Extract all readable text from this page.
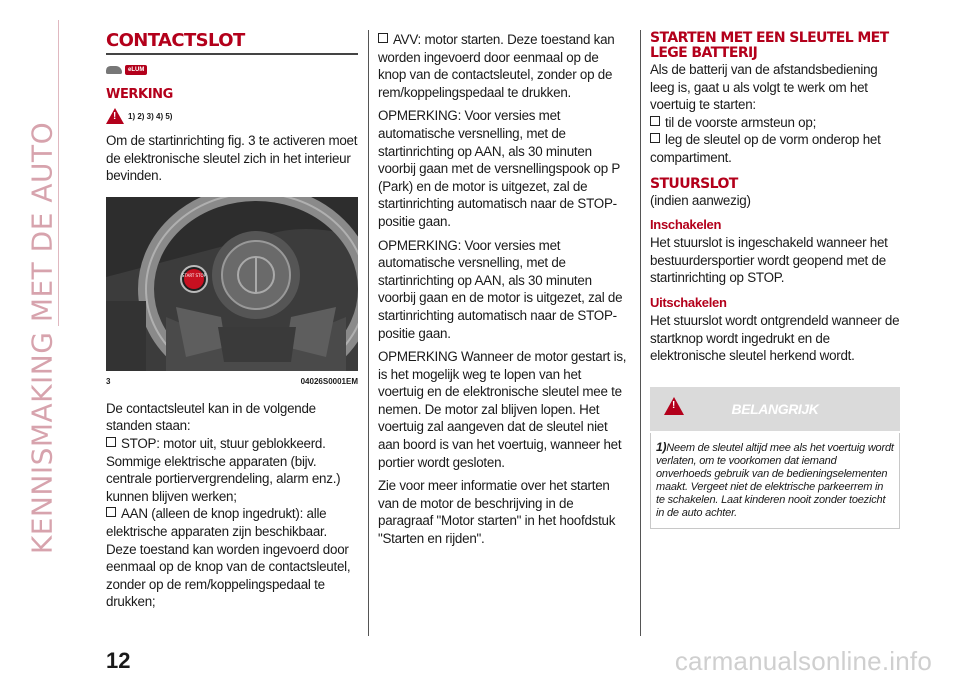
KENNISMAKING MET DE AUTO
CONTACTSLOT
eLUM
WERKING
! 1) 2) 3) 4) 5)

Om de startinrichting fig. 3 te activeren moet de elektronische sleutel zich in het interieur bevinden.

START STOP
3	04026S0001EM

De contactsleutel kan in de volgende standen staan:

STOP: motor uit, stuur geblokkeerd. Sommige elektrische apparaten (bijv. centrale portiervergrendeling, alarm enz.) kunnen blijven werken;
AAN (alleen de knop ingedrukt): alle elektrische apparaten zijn beschikbaar. Deze toestand kan worden ingevoerd door eenmaal op de knop van de contactsleutel, zonder op de rem/koppelingspedaal te drukken;
AVV: motor starten. Deze toestand kan worden ingevoerd door eenmaal op de knop van de contactsleutel, zonder op de rem/koppelingspedaal te drukken.

OPMERKING: Voor versies met automatische versnelling, met de startinrichting op AAN, als 30 minuten voorbij gaan met de versnellingspook op P (Park) en de motor is uitgezet, zal de startinrichting automatisch naar de STOP-positie gaan.

OPMERKING: Voor versies met automatische versnelling, met de startinrichting op AAN, als 30 minuten voorbij gaan en de motor is uitgezet, zal de startinrichting automatisch naar de STOP-positie gaan.

OPMERKING Wanneer de motor gestart is, is het mogelijk weg te lopen van het voertuig en de elektronische sleutel mee te nemen. De motor zal blijven lopen. Het voertuig zal aangeven dat de sleutel niet aan boord is van het voertuig, wanneer het portier wordt gesloten.

Zie voor meer informatie over het starten van de motor de beschrijving in de paragraaf "Motor starten" in het hoofdstuk "Starten en rijden".

STARTEN MET EEN SLEUTEL MET LEGE BATTERIJ

Als de batterij van de afstandsbediening leeg is, gaat u als volgt te werk om het voertuig te starten:

til de voorste armsteun op;
leg de sleutel op de vorm onderop het compartiment.
STUURSLOT

(indien aanwezig)

Inschakelen

Het stuurslot is ingeschakeld wanneer het bestuurdersportier wordt geopend met de startinrichting op STOP.

Uitschakelen

Het stuurslot wordt ontgrendeld wanneer de startknop wordt ingedrukt en de elektronische sleutel herkend wordt.

!	BELANGRIJK

1)Neem de sleutel altijd mee als het voertuig wordt verlaten, om te voorkomen dat iemand onverhoeds gebruik van de bedieningselementen maakt. Vergeet niet de elektrische parkeerrem in te schakelen. Laat kinderen nooit zonder toezicht in de auto achter.

12	carmanualsonline.info
